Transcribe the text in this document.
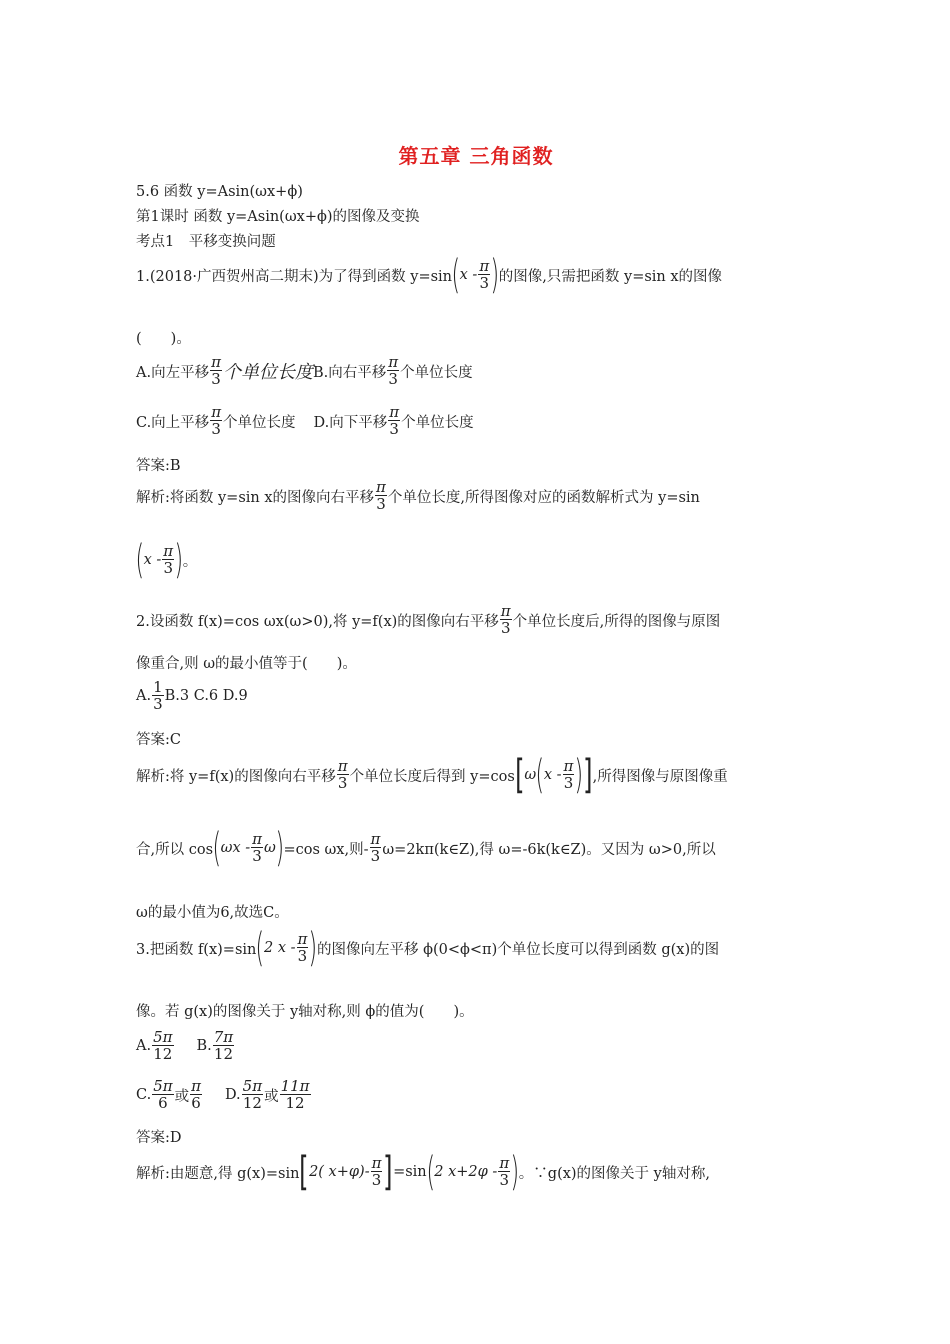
第五章 三角函数
5.6 函数 y=Asin(ωx+ϕ)
第1课时 函数 y=Asin(ωx+ϕ)的图像及变换
考点1　平移变换问题
1.(2018·广西贺州高二期末)为了得到函数 y=sin ( x - $\frac{\pi}{3}$ ) 的图像,只需把函数 y=sin x的图像
(　　)。
A.向左平移 $\frac{\pi}{3}$ 个单位长度 B.向右平移 $\frac{\pi}{3}$ 个单位长度
C.向上平移 $\frac{\pi}{3}$ 个单位长度 D.向下平移 $\frac{\pi}{3}$ 个单位长度
答案:B
解析:将函数 y=sin x的图像向右平移 $\frac{\pi}{3}$ 个单位长度,所得图像对应的函数解析式为 y=sin
( x - $\frac{\pi}{3}$ ) 。
2.设函数 f(x)=cos ωx(ω>0),将 y=f(x)的图像向右平移 $\frac{\pi}{3}$ 个单位长度后,所得的图像与原图
像重合,则 ω的最小值等于(　　)。
A. $\frac{1}{3} B.3$ C.6 D.9
答案:C
解析:将 y=f(x)的图像向右平移 $\frac{\pi}{3}$ 个单位长度后得到 y=cos [ ω ( x - $\frac{\pi}{3}$ ) ] ,所得图像与原图像重
合,所以 cos ( ωx - $\frac{\pi}{3}$ ω ) =cos ωx,则- $\frac{\pi}{3}$ ω=2kπ(k∈Z),得 ω=-6k(k∈Z)。又因为 ω>0,所以
ω的最小值为6,故选C。
3.把函数 f(x)=sin ( 2 x - $\frac{\pi}{3}$ ) 的图像向左平移 ϕ(0<ϕ<π)个单位长度可以得到函数 g(x)的图
像。若 g(x)的图像关于 y轴对称,则 ϕ的值为(　　)。
A. $\frac{5\pi}{12} B$. $\frac{7\pi}{12}$
C. $\frac{5\pi}{6}$ 或 $\frac{\pi}{6} D$. $\frac{5\pi}{12}$ 或 $\frac{11\pi}{12}$
答案:D
解析:由题意,得 g(x)=sin [ 2( $x+\varphi)- \frac{\pi}{3}$ ] =sin ( 2 $x+2\varphi - \frac{\pi}{3}$ ) 。∵g(x)的图像关于 y轴对称,
